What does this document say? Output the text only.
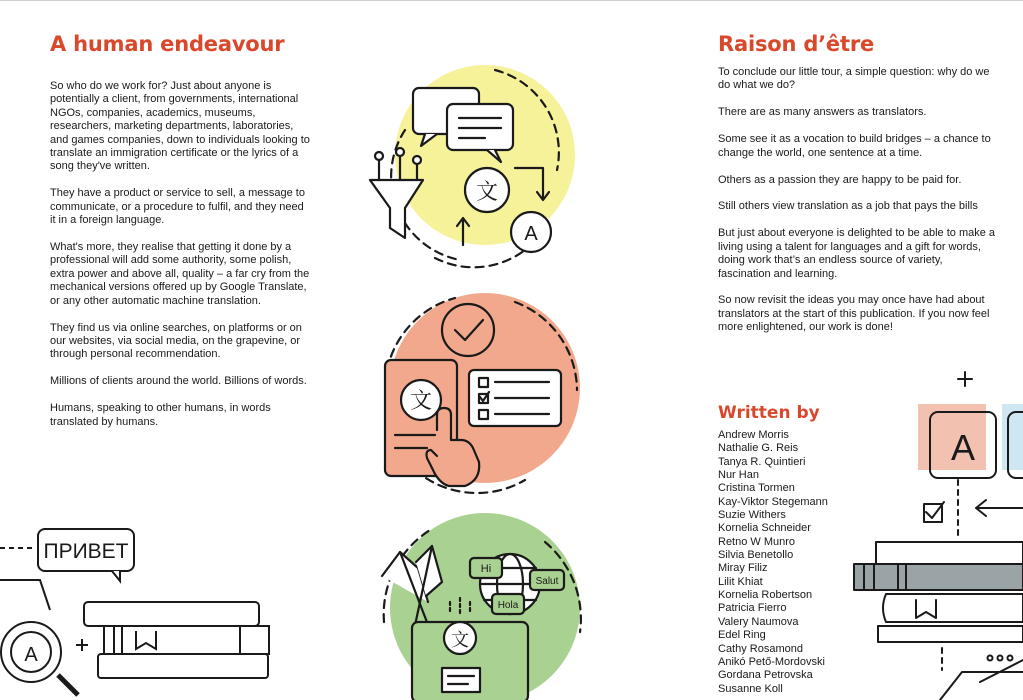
A human endeavour

So who do we work for? Just about anyone is potentially a client, from governments, international NGOs, companies, academics, museums, researchers, marketing departments, laboratories, and games companies, down to individuals looking to translate an immigration certificate or the lyrics of a song they've written.

They have a product or service to sell, a message to communicate, or a procedure to fulfil, and they need it in a foreign language.

What's more, they realise that getting it done by a professional will add some authority, some polish, extra power and above all, quality – a far cry from the mechanical versions offered up by Google Translate, or any other automatic machine translation.

They find us via online searches, on platforms or on our websites, via social media, on the grapevine, or through personal recommendation.

Millions of clients around the world. Billions of words.

Humans, speaking to other humans, in words translated by humans.

ПРИВЕТ
A
文
A
文
Hi
Salut
Hola
文
Raison d’être

To conclude our little tour, a simple question: why do we do what we do?

There are as many answers as translators.

Some see it as a vocation to build bridges – a chance to change the world, one sentence at a time.

Others as a passion they are happy to be paid for.

Still others view translation as a job that pays the bills

But just about everyone is delighted to be able to make a living using a talent for languages and a gift for words, doing work that’s an endless source of variety, fascination and learning.

So now revisit the ideas you may once have had about translators at the start of this publication. If you now feel more enlightened, our work is done!

Written by
Andrew Morris
Nathalie G. Reis
Tanya R. Quintieri
Nur Han
Cristina Tormen
Kay-Viktor Stegemann
Suzie Withers
Kornelia Schneider
Retno W Munro
Silvia Benetollo
Miray Filiz
Lilit Khiat
Kornelia Robertson
Patricia Fierro
Valery Naumova
Edel Ring
Cathy Rosamond
Anikó Pető-Mordovski
Gordana Petrovska
Susanne Koll
A
